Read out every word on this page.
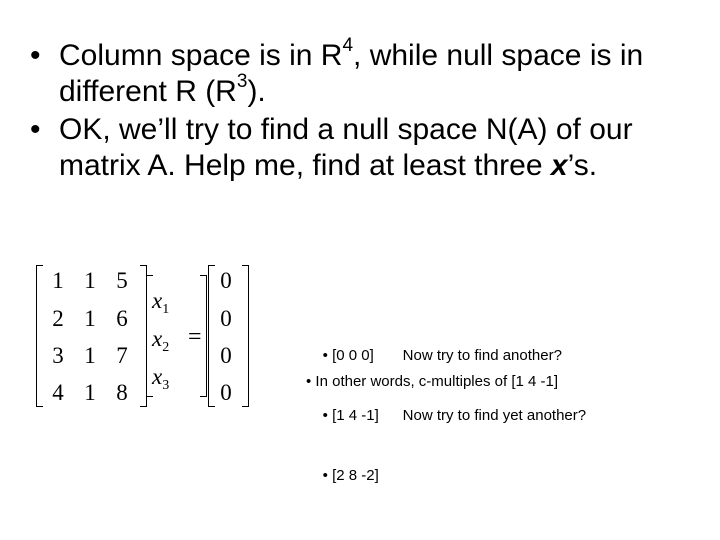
• Column space is in $R^4$, while null space is in different R $(R^3)$.
• OK, we’ll try to find a null space N(A) of our matrix A. Help me, find at least three x’s.
1 1 5
2 1 6
3 1 7
4 1 8
$x_1$
$x_2$
$x_3$
=
0
0
0
0

• [0 0 0] Now try to find another?

• [1 4 -1] Now try to find yet another?

• [2 8 -2]

• In other words, c-multiples of [1 4 -1]
